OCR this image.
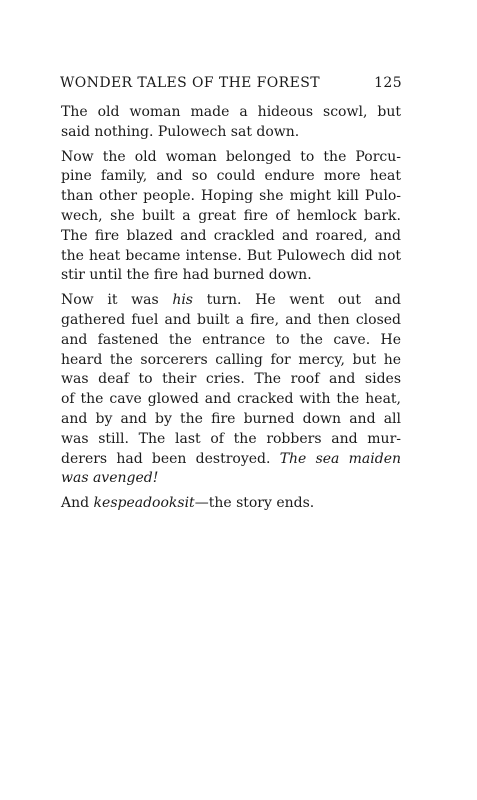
WONDER TALES OF THE FOREST	125

The old woman made a hideous scowl, but
said nothing. Pulowech sat down.

Now the old woman belonged to the Porcu-
pine family, and so could endure more heat
than other people. Hoping she might kill Pulo-
wech, she built a great fire of hemlock bark.
The fire blazed and crackled and roared, and
the heat became intense. But Pulowech did not
stir until the fire had burned down.

Now it was his turn. He went out and
gathered fuel and built a fire, and then closed
and fastened the entrance to the cave. He
heard the sorcerers calling for mercy, but he
was deaf to their cries. The roof and sides
of the cave glowed and cracked with the heat,
and by and by the fire burned down and all
was still. The last of the robbers and mur-
derers had been destroyed. The sea maiden
was avenged!

And kespeadooksit—the story ends.
